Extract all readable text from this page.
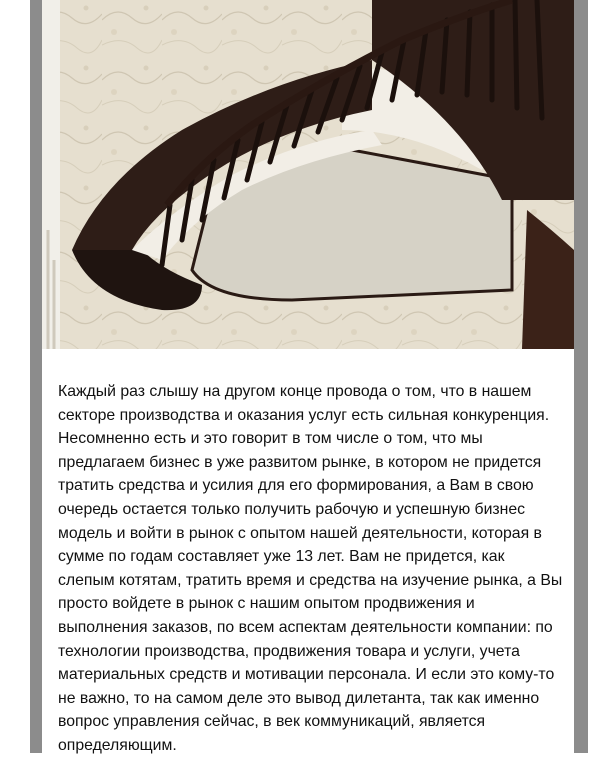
Каждый раз слышу на другом конце провода о том, что в нашем секторе производства и оказания услуг есть сильная конкуренция. Несомненно есть и это говорит в том числе о том, что мы предлагаем бизнес в уже развитом рынке, в котором не придется тратить средства и усилия для его формирования, а Вам в свою очередь остается только получить рабочую и успешную бизнес модель и войти в рынок с опытом нашей деятельности, которая в сумме по годам составляет уже 13 лет. Вам не придется, как слепым котятам, тратить время и средства на изучение рынка, а Вы просто войдете в рынок с нашим опытом продвижения и выполнения заказов, по всем аспектам деятельности компании: по технологии производства, продвижения товара и услуги, учета материальных средств и мотивации персонала. И если это кому-то не важно, то на самом деле это вывод дилетанта, так как именно вопрос управления сейчас, в век коммуникаций, является определяющим.
